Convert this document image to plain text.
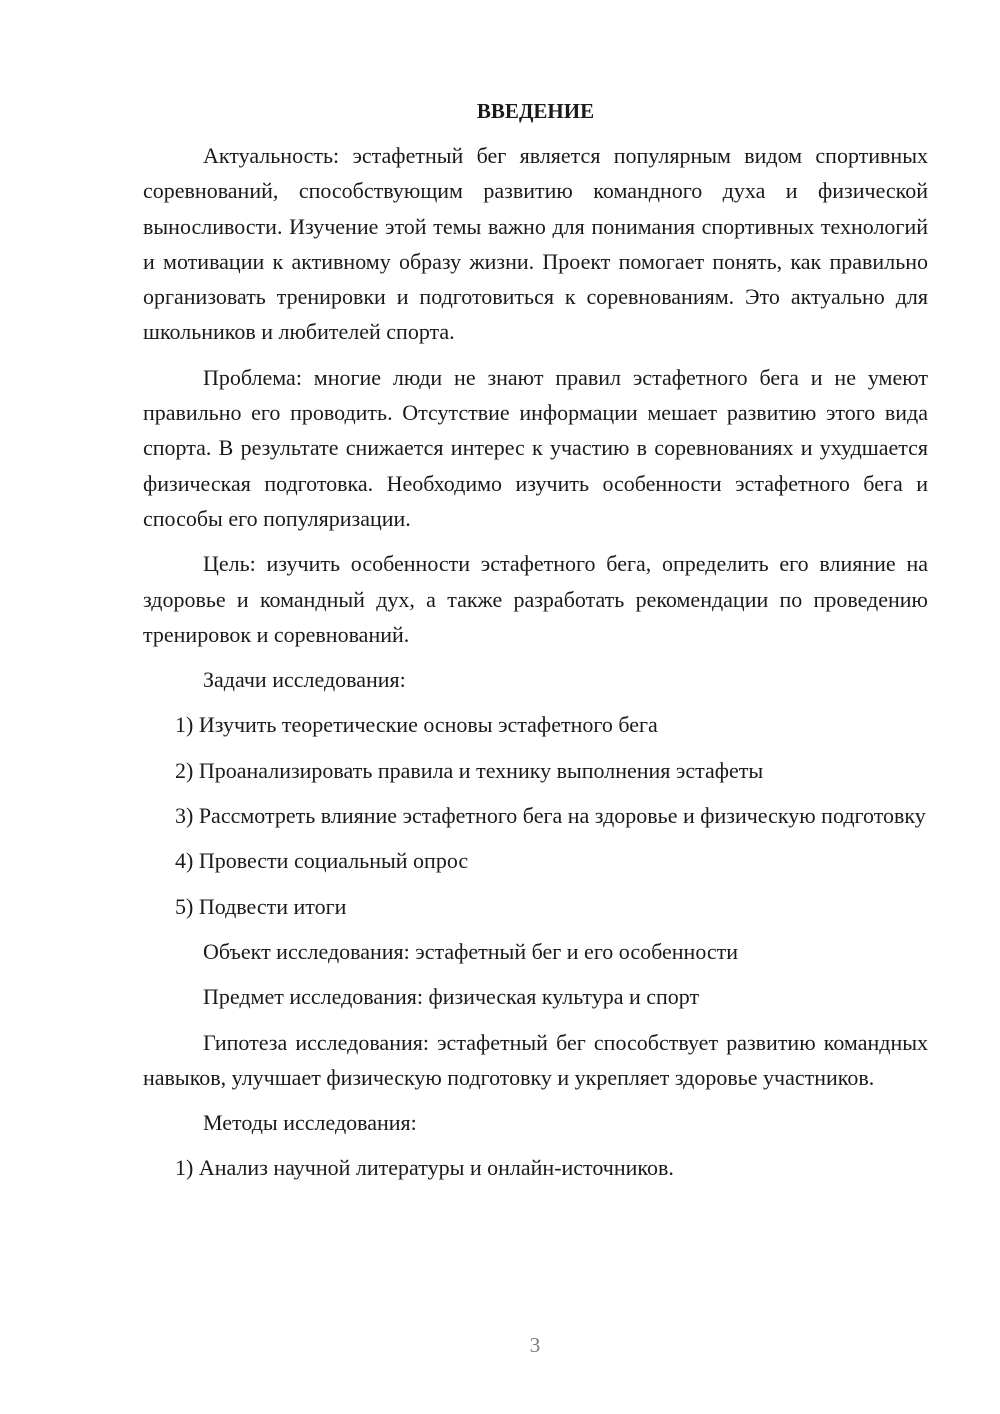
ВВЕДЕНИЕ
Актуальность: эстафетный бег является популярным видом спортивных соревнований, способствующим развитию командного духа и физической выносливости. Изучение этой темы важно для понимания спортивных технологий и мотивации к активному образу жизни. Проект помогает понять, как правильно организовать тренировки и подготовиться к соревнованиям. Это актуально для школьников и любителей спорта.
Проблема: многие люди не знают правил эстафетного бега и не умеют правильно его проводить. Отсутствие информации мешает развитию этого вида спорта. В результате снижается интерес к участию в соревнованиях и ухудшается физическая подготовка. Необходимо изучить особенности эстафетного бега и способы его популяризации.
Цель: изучить особенности эстафетного бега, определить его влияние на здоровье и командный дух, а также разработать рекомендации по проведению тренировок и соревнований.
Задачи исследования:
1) Изучить теоретические основы эстафетного бега
2) Проанализировать правила и технику выполнения эстафеты
3) Рассмотреть влияние эстафетного бега на здоровье и физическую подготовку
4) Провести социальный опрос
5) Подвести итоги
Объект исследования: эстафетный бег и его особенности
Предмет исследования: физическая культура и спорт
Гипотеза исследования: эстафетный бег способствует развитию командных навыков, улучшает физическую подготовку и укрепляет здоровье участников.
Методы исследования:
1) Анализ научной литературы и онлайн-источников.
3
